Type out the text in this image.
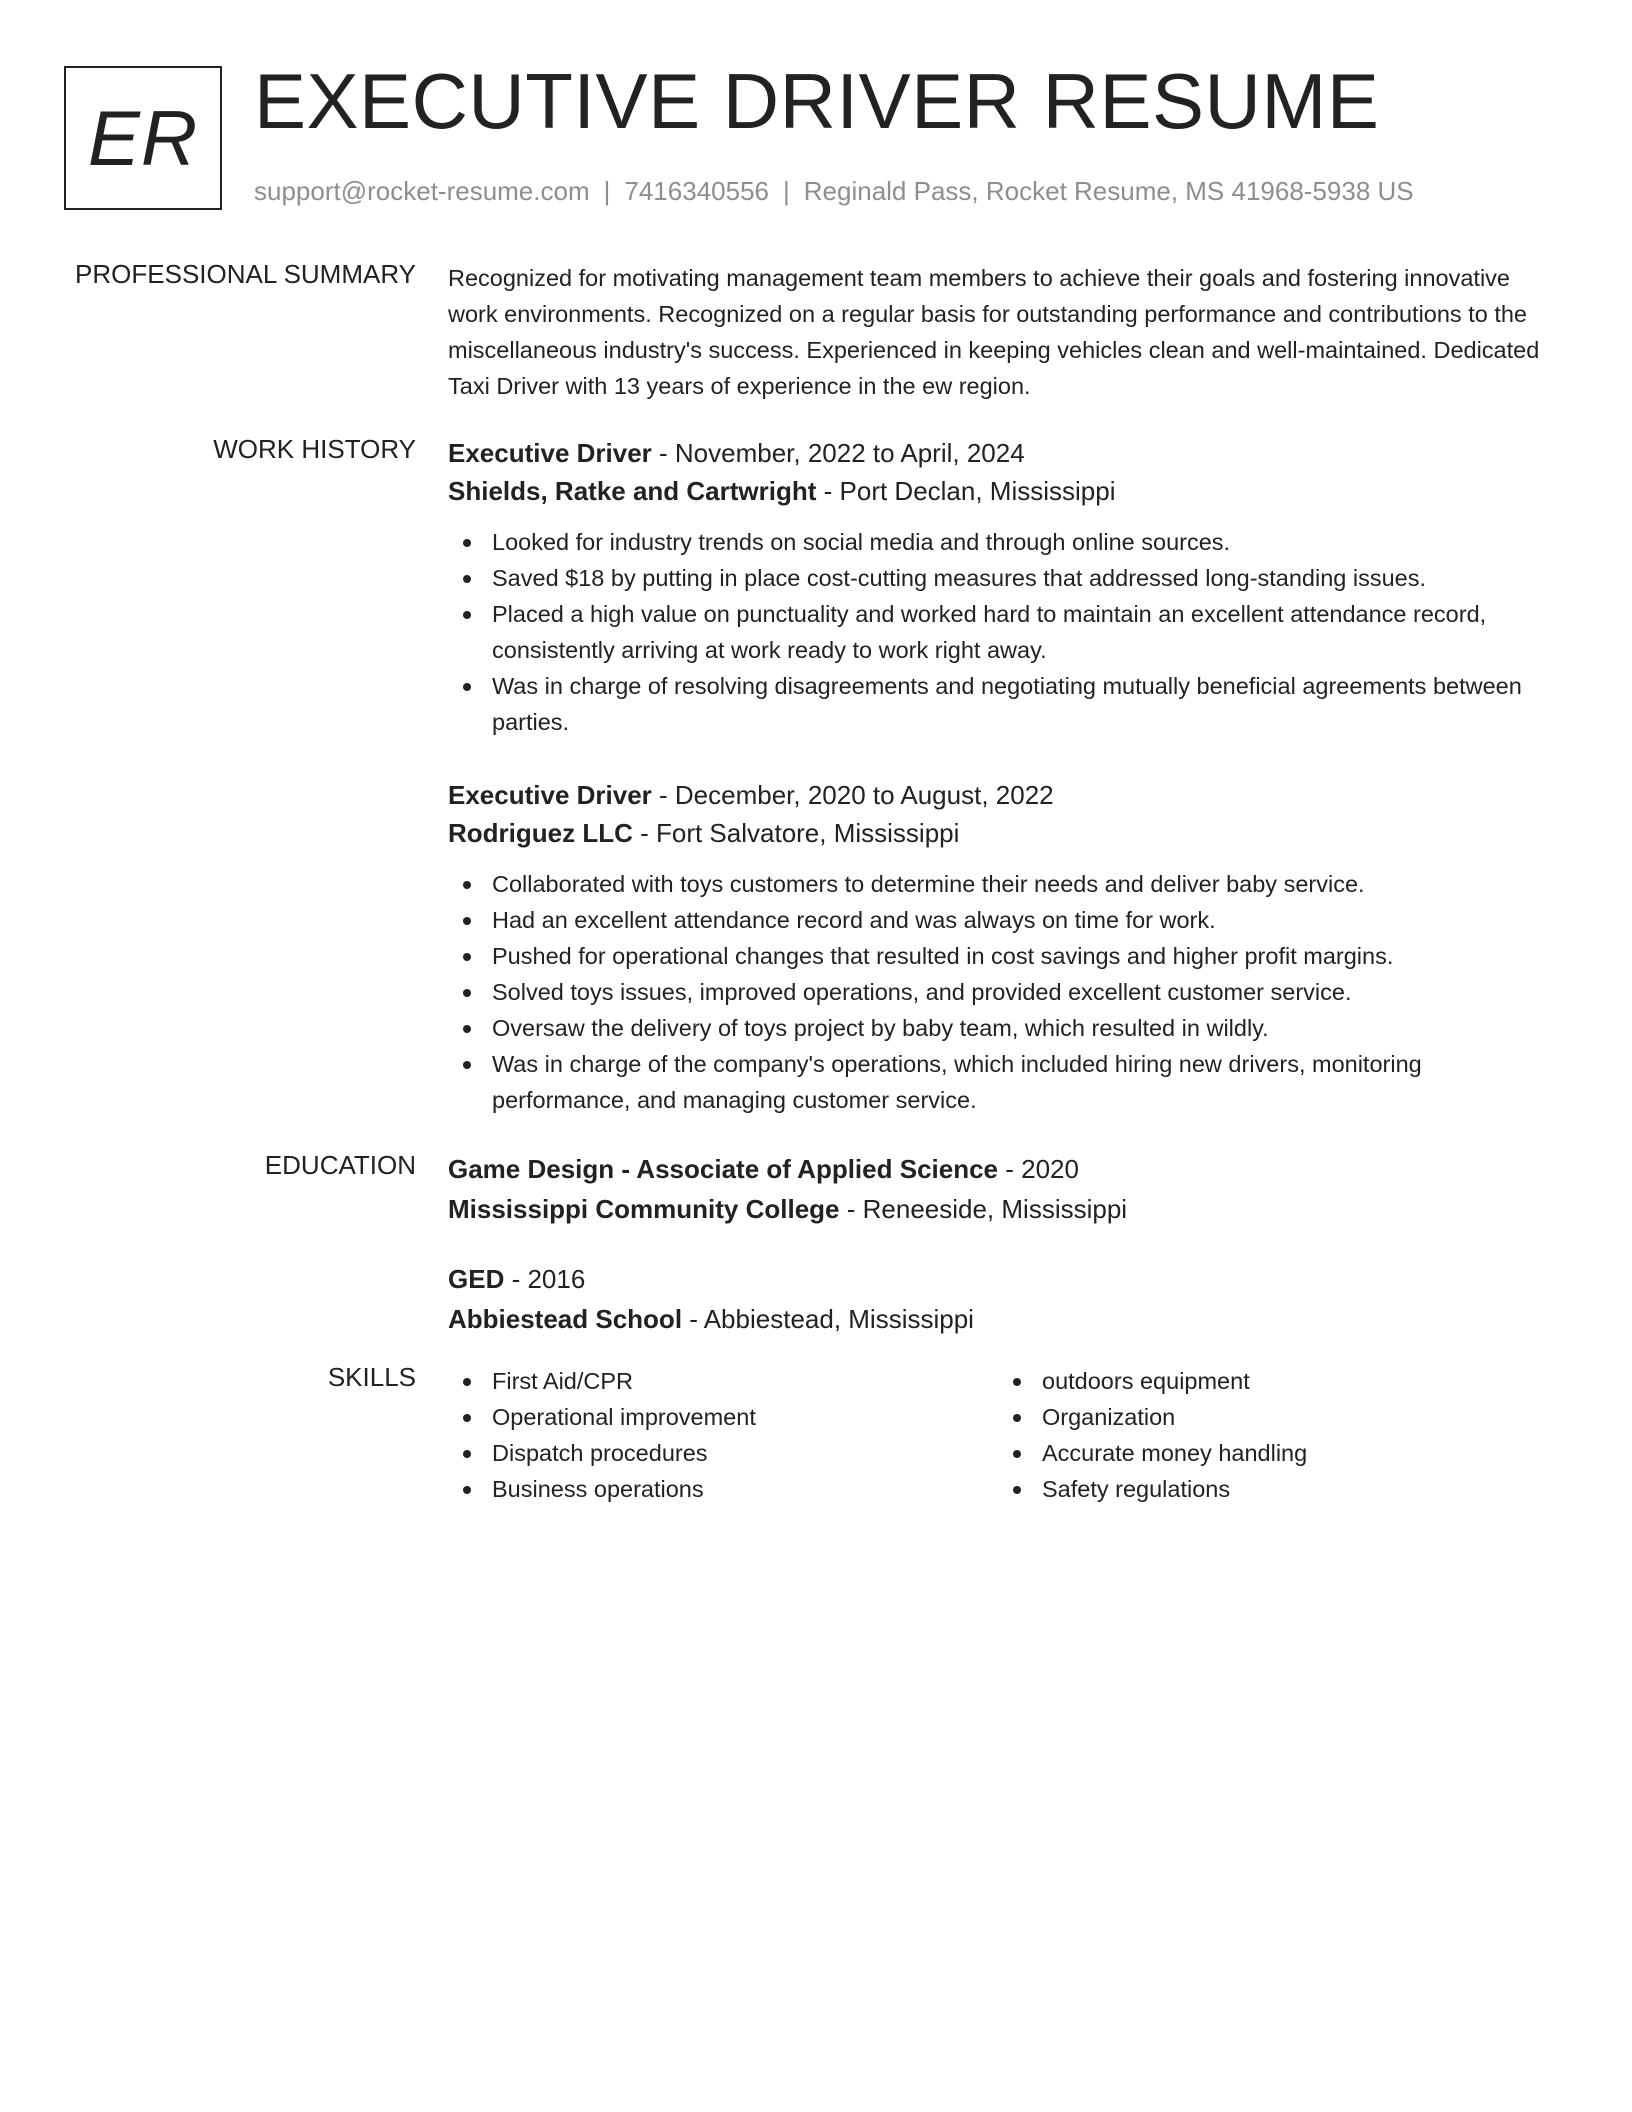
ER EXECUTIVE DRIVER RESUME
support@rocket-resume.com | 7416340556 | Reginald Pass, Rocket Resume, MS 41968-5938 US
PROFESSIONAL SUMMARY Recognized for motivating management team members to achieve their goals and fostering innovative work environments. Recognized on a regular basis for outstanding performance and contributions to the miscellaneous industry's success. Experienced in keeping vehicles clean and well-maintained. Dedicated Taxi Driver with 13 years of experience in the ew region.

WORK HISTORY Executive Driver - November, 2022 to April, 2024
Shields, Ratke and Cartwright - Port Declan, Mississippi
Looked for industry trends on social media and through online sources.
Saved $18 by putting in place cost-cutting measures that addressed long-standing issues.
Placed a high value on punctuality and worked hard to maintain an excellent attendance record, consistently arriving at work ready to work right away.
Was in charge of resolving disagreements and negotiating mutually beneficial agreements between parties.
Executive Driver - December, 2020 to August, 2022
Rodriguez LLC - Fort Salvatore, Mississippi
Collaborated with toys customers to determine their needs and deliver baby service.
Had an excellent attendance record and was always on time for work.
Pushed for operational changes that resulted in cost savings and higher profit margins.
Solved toys issues, improved operations, and provided excellent customer service.
Oversaw the delivery of toys project by baby team, which resulted in wildly.
Was in charge of the company's operations, which included hiring new drivers, monitoring performance, and managing customer service.
EDUCATION Game Design - Associate of Applied Science - 2020
Mississippi Community College - Reneeside, Mississippi
GED - 2016
Abbiestead School - Abbiestead, Mississippi
SKILLS	First Aid/CPR
Operational improvement
Dispatch procedures
Business operations
outdoors equipment
Organization
Accurate money handling
Safety regulations
